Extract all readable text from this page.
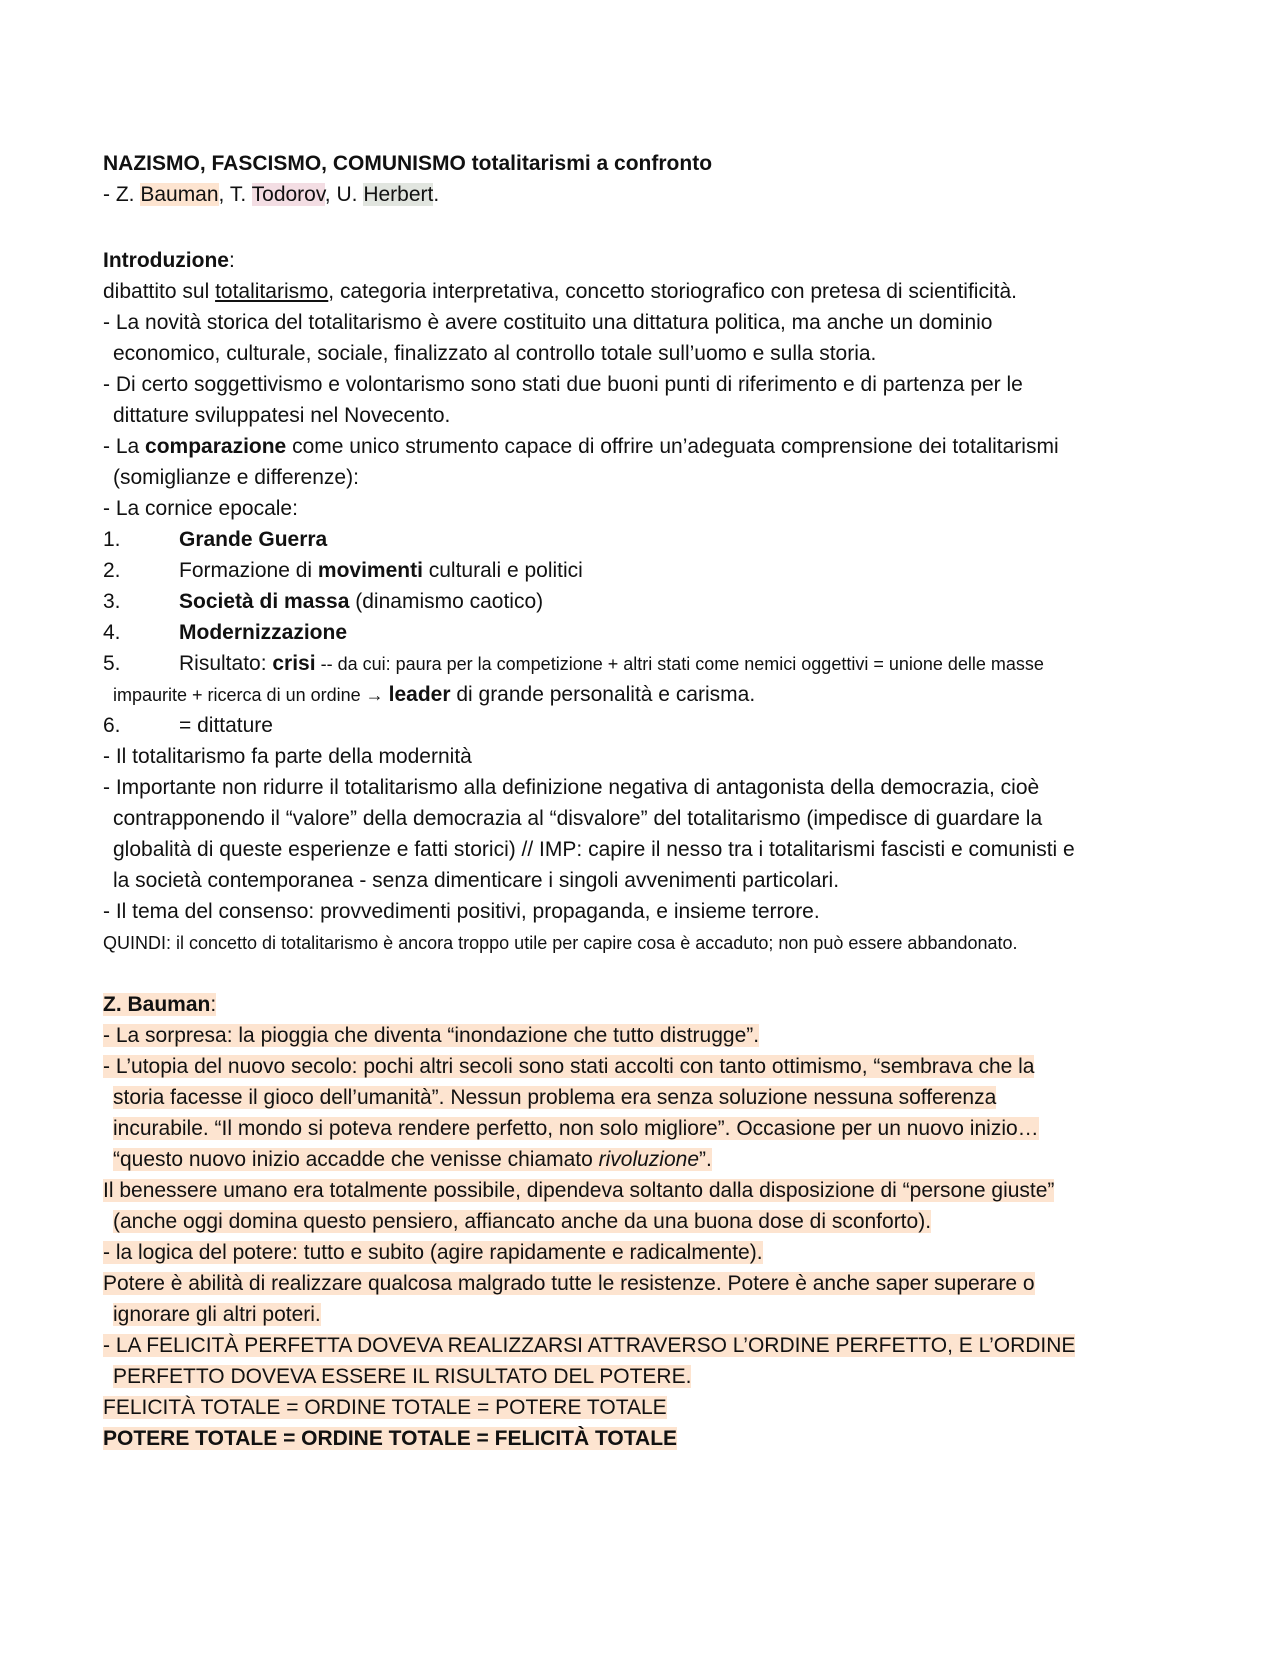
NAZISMO, FASCISMO, COMUNISMO totalitarismi a confronto
- Z. Bauman, T. Todorov, U. Herbert.
Introduzione:
dibattito sul totalitarismo, categoria interpretativa, concetto storiografico con pretesa di scientificità.
- La novità storica del totalitarismo è avere costituito una dittatura politica, ma anche un dominio
economico, culturale, sociale, finalizzato al controllo totale sull’uomo e sulla storia.
- Di certo soggettivismo e volontarismo sono stati due buoni punti di riferimento e di partenza per le
dittature sviluppatesi nel Novecento.
- La comparazione come unico strumento capace di offrire un’adeguata comprensione dei totalitarismi
(somiglianze e differenze):
- La cornice epocale:
1.	Grande Guerra
2.	Formazione di movimenti culturali e politici
3.	Società di massa (dinamismo caotico)
4.	Modernizzazione
5.	Risultato: crisi -- da cui: paura per la competizione + altri stati come nemici oggettivi = unione delle masse
impaurite + ricerca di un ordine → leader di grande personalità e carisma.
6.	= dittature
- Il totalitarismo fa parte della modernità
- Importante non ridurre il totalitarismo alla definizione negativa di antagonista della democrazia, cioè
contrapponendo il “valore” della democrazia al “disvalore” del totalitarismo (impedisce di guardare la
globalità di queste esperienze e fatti storici) // IMP: capire il nesso tra i totalitarismi fascisti e comunisti e
la società contemporanea - senza dimenticare i singoli avvenimenti particolari.
- Il tema del consenso: provvedimenti positivi, propaganda, e insieme terrore.
QUINDI: il concetto di totalitarismo è ancora troppo utile per capire cosa è accaduto; non può essere abbandonato.
Z. Bauman:
- La sorpresa: la pioggia che diventa “inondazione che tutto distrugge”.
- L’utopia del nuovo secolo: pochi altri secoli sono stati accolti con tanto ottimismo, “sembrava che la
storia facesse il gioco dell’umanità”. Nessun problema era senza soluzione nessuna sofferenza
incurabile. “Il mondo si poteva rendere perfetto, non solo migliore”. Occasione per un nuovo inizio…
“questo nuovo inizio accadde che venisse chiamato rivoluzione”.
Il benessere umano era totalmente possibile, dipendeva soltanto dalla disposizione di “persone giuste”
(anche oggi domina questo pensiero, affiancato anche da una buona dose di sconforto).
- la logica del potere: tutto e subito (agire rapidamente e radicalmente).
Potere è abilità di realizzare qualcosa malgrado tutte le resistenze. Potere è anche saper superare o
ignorare gli altri poteri.
- LA FELICITÀ PERFETTA DOVEVA REALIZZARSI ATTRAVERSO L’ORDINE PERFETTO, E L’ORDINE
PERFETTO DOVEVA ESSERE IL RISULTATO DEL POTERE.
FELICITÀ TOTALE = ORDINE TOTALE = POTERE TOTALE
POTERE TOTALE = ORDINE TOTALE = FELICITÀ TOTALE
